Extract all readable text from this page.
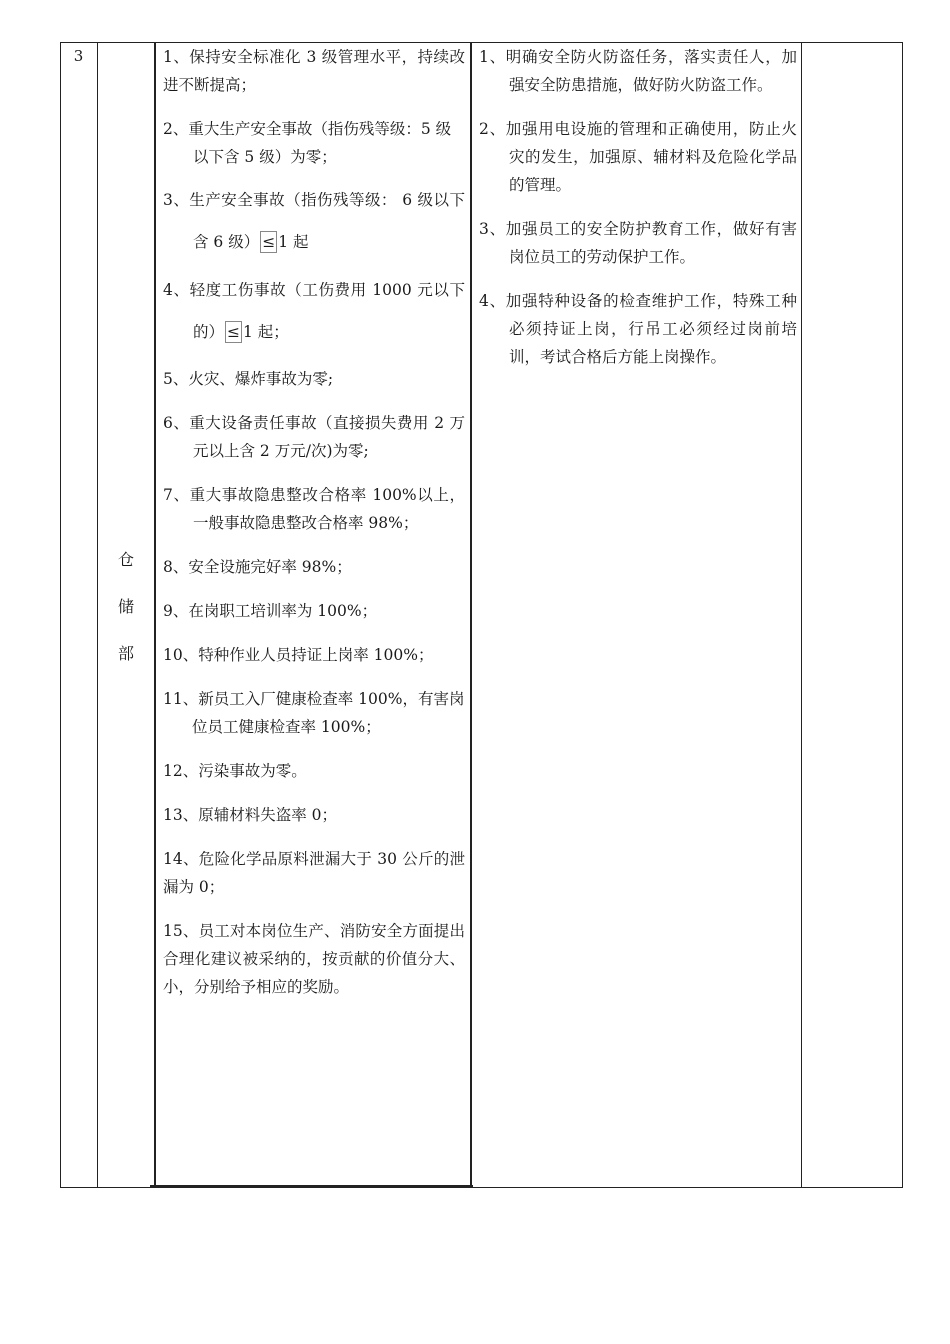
3
仓
储
部
1、保持安全标准化 3 级管理水平，持续改进不断提高；
2、重大生产安全事故（指伤残等级：5 级以下含 5 级）为零；
3、生产安全事故（指伤残等级： 6 级以下含 6 级） ≤ 1 起
4、轻度工伤事故（工伤费用 1000 元以下的） ≤ 1 起；
5、火灾、爆炸事故为零;
6、重大设备责任事故（直接损失费用 2 万元以上含 2 万元/次)为零;
7、重大事故隐患整改合格率 100%以上，一般事故隐患整改合格率 98%；
8、安全设施完好率 98%；
9、在岗职工培训率为 100%；
10、特种作业人员持证上岗率 100%；
11、新员工入厂健康检查率 100%，有害岗位员工健康检查率 100%；
12、污染事故为零。
13、原辅材料失盗率 0；
14、危险化学品原料泄漏大于 30 公斤的泄漏为 0；
15、员工对本岗位生产、消防安全方面提出合理化建议被采纳的，按贡献的价值分大、小，分别给予相应的奖励。
1、明确安全防火防盗任务，落实责任人，加强安全防患措施，做好防火防盗工作。
2、加强用电设施的管理和正确使用，防止火灾的发生，加强原、辅材料及危险化学品的管理。
3、加强员工的安全防护教育工作，做好有害岗位员工的劳动保护工作。
4、加强特种设备的检查维护工作，特殊工种必须持证上岗，行吊工必须经过岗前培训，考试合格后方能上岗操作。
